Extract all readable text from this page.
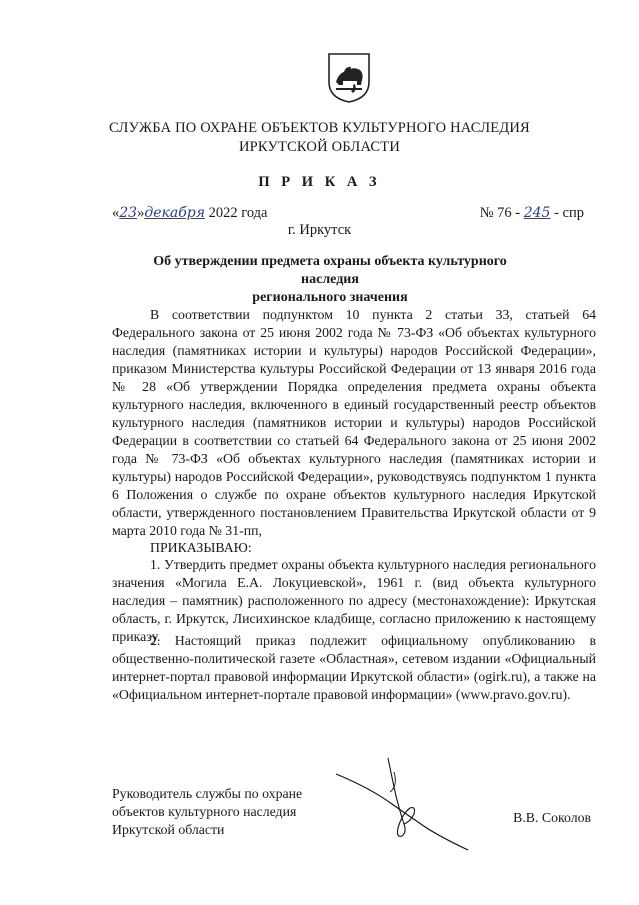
СЛУЖБА ПО ОХРАНЕ ОБЪЕКТОВ КУЛЬТУРНОГО НАСЛЕДИЯ
ИРКУТСКОЙ ОБЛАСТИ
П Р И К А З
«23»декабря 2022 года	№ 76 - 245 - спр
г. Иркутск
Об утверждении предмета охраны объекта культурного наследия
регионального значения
В соответствии подпунктом 10 пункта 2 статьи 33, статьей 64 Федерального закона от 25 июня 2002 года № 73-ФЗ «Об объектах культурного наследия (памятниках истории и культуры) народов Российской Федерации», приказом Министерства культуры Российской Федерации от 13 января 2016 года № 28 «Об утверждении Порядка определения предмета охраны объекта культурного наследия, включенного в единый государственный реестр объектов культурного наследия (памятников истории и культуры) народов Российской Федерации в соответствии со статьей 64 Федерального закона от 25 июня 2002 года № 73-ФЗ «Об объектах культурного наследия (памятниках истории и культуры) народов Российской Федерации», руководствуясь подпунктом 1 пункта 6 Положения о службе по охране объектов культурного наследия Иркутской области, утвержденного постановлением Правительства Иркутской области от 9 марта 2010 года № 31-пп,
ПРИКАЗЫВАЮ:
1. Утвердить предмет охраны объекта культурного наследия регионального значения «Могила Е.А. Локуциевской», 1961 г. (вид объекта культурного наследия – памятник) расположенного по адресу (местонахождение): Иркутская область, г. Иркутск, Лисихинское кладбище, согласно приложению к настоящему приказу.
2. Настоящий приказ подлежит официальному опубликованию в общественно-политической газете «Областная», сетевом издании «Официальный интернет-портал правовой информации Иркутской области» (ogirk.ru), а также на «Официальном интернет-портале правовой информации» (www.pravo.gov.ru).
Руководитель службы по охране
объектов культурного наследия
Иркутской области
В.В. Соколов
